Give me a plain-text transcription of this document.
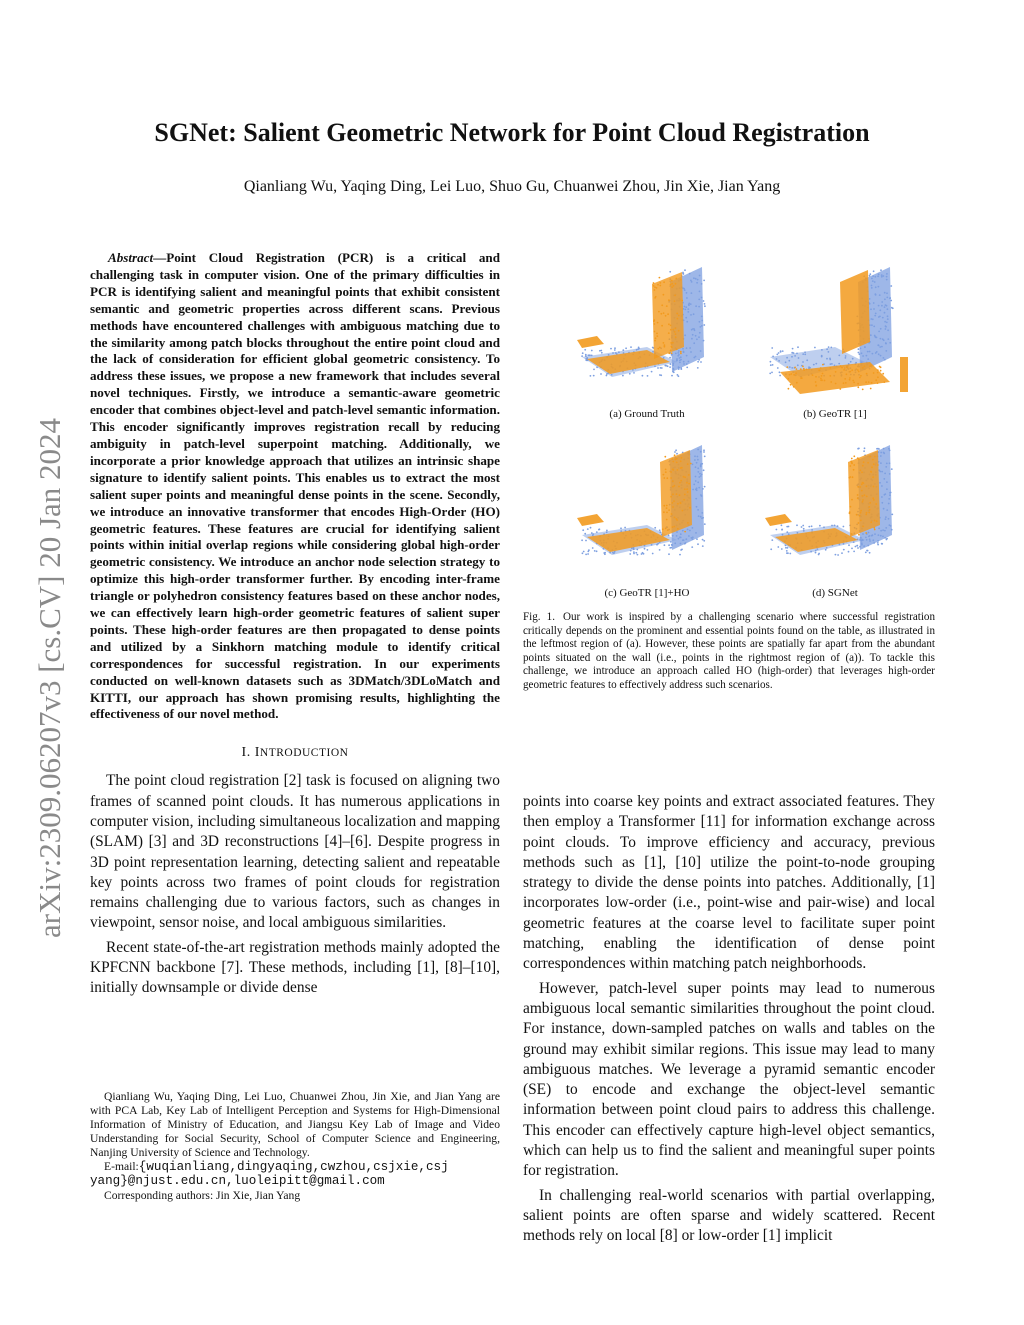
arXiv:2309.06207v3 [cs.CV] 20 Jan 2024
SGNet: Salient Geometric Network for Point Cloud Registration
Qianliang Wu, Yaqing Ding, Lei Luo, Shuo Gu, Chuanwei Zhou, Jin Xie, Jian Yang

Abstract—Point Cloud Registration (PCR) is a critical and challenging task in computer vision. One of the primary difficulties in PCR is identifying salient and meaningful points that exhibit consistent semantic and geometric properties across different scans. Previous methods have encountered challenges with ambiguous matching due to the similarity among patch blocks throughout the entire point cloud and the lack of consideration for efficient global geometric consistency. To address these issues, we propose a new framework that includes several novel techniques. Firstly, we introduce a semantic-aware geometric encoder that combines object-level and patch-level semantic information. This encoder significantly improves registration recall by reducing ambiguity in patch-level superpoint matching. Additionally, we incorporate a prior knowledge approach that utilizes an intrinsic shape signature to identify salient points. This enables us to extract the most salient super points and meaningful dense points in the scene. Secondly, we introduce an innovative transformer that encodes High-Order (HO) geometric features. These features are crucial for identifying salient points within initial overlap regions while considering global high-order geometric consistency. We introduce an anchor node selection strategy to optimize this high-order transformer further. By encoding inter-frame triangle or polyhedron consistency features based on these anchor nodes, we can effectively learn high-order geometric features of salient super points. These high-order features are then propagated to dense points and utilized by a Sinkhorn matching module to identify critical correspondences for successful registration. In our experiments conducted on well-known datasets such as 3DMatch/3DLoMatch and KITTI, our approach has shown promising results, highlighting the effectiveness of our novel method.

I. INTRODUCTION

The point cloud registration [2] task is focused on aligning two frames of scanned point clouds. It has numerous applications in computer vision, including simultaneous localization and mapping (SLAM) [3] and 3D reconstructions [4]–[6]. Despite progress in 3D point representation learning, detecting salient and repeatable key points across two frames of point clouds for registration remains challenging due to various factors, such as changes in viewpoint, sensor noise, and local ambiguous similarities.

Recent state-of-the-art registration methods mainly adopted the KPFCNN backbone [7]. These methods, including [1], [8]–[10], initially downsample or divide dense

Qianliang Wu, Yaqing Ding, Lei Luo, Chuanwei Zhou, Jin Xie, and Jian Yang are with PCA Lab, Key Lab of Intelligent Perception and Systems for High-Dimensional Information of Ministry of Education, and Jiangsu Key Lab of Image and Video Understanding for Social Security, School of Computer Science and Engineering, Nanjing University of Science and Technology.

E-mail:{wuqianliang,dingyaqing,cwzhou,csjxie,csj

yang}@njust.edu.cn,luoleipitt@gmail.com

Corresponding authors: Jin Xie, Jian Yang

(a) Ground Truth	(b) GeoTR [1]
(c) GeoTR [1]+HO	(d) SGNet
Fig. 1. Our work is inspired by a challenging scenario where successful registration critically depends on the prominent and essential points found on the table, as illustrated in the leftmost region of (a). However, these points are spatially far apart from the abundant points situated on the wall (i.e., points in the rightmost region of (a)). To tackle this challenge, we introduce an approach called HO (high-order) that leverages high-order geometric features to effectively address such scenarios.

points into coarse key points and extract associated features. They then employ a Transformer [11] for information exchange across point clouds. To improve efficiency and accuracy, previous methods such as [1], [10] utilize the point-to-node grouping strategy to divide the dense points into patches. Additionally, [1] incorporates low-order (i.e., point-wise and pair-wise) and local geometric features at the coarse level to facilitate super point matching, enabling the identification of dense point correspondences within matching patch neighborhoods.

However, patch-level super points may lead to numerous ambiguous local semantic similarities throughout the point cloud. For instance, down-sampled patches on walls and tables on the ground may exhibit similar regions. This issue may lead to many ambiguous matches. We leverage a pyramid semantic encoder (SE) to encode and exchange the object-level semantic information between point cloud pairs to address this challenge. This encoder can effectively capture high-level object semantics, which can help us to find the salient and meaningful super points for registration.

In challenging real-world scenarios with partial overlapping, salient points are often sparse and widely scattered. Recent methods rely on local [8] or low-order [1] implicit
